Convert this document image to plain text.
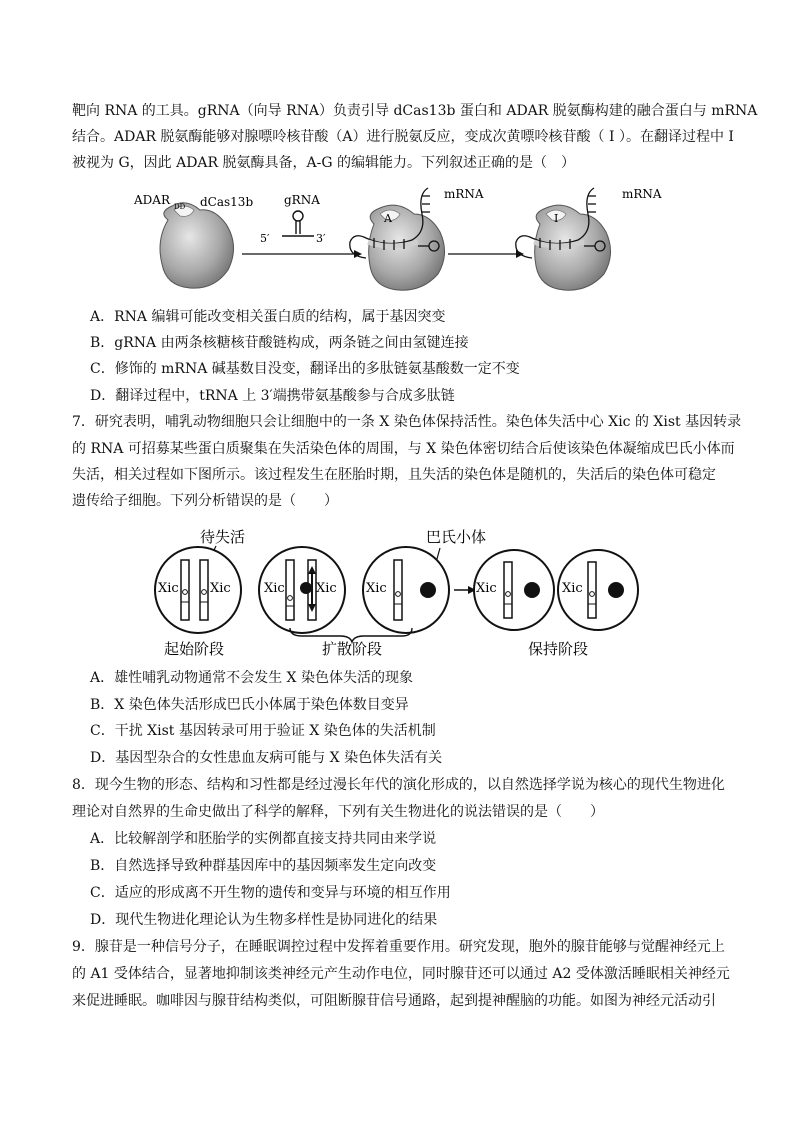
靶向 RNA 的工具。gRNA（向导 RNA）负责引导 dCas13b 蛋白和 ADAR 脱氨酶构建的融合蛋白与 mRNA
结合。ADAR 脱氨酶能够对腺嘌呤核苷酸（A）进行脱氨反应，变成次黄嘌呤核苷酸（ I ）。在翻译过程中 I
被视为 G，因此 ADAR 脱氨酶具备，A-G 的编辑能力。下列叙述正确的是（　）
ADAR DD dCas13b	gRNA
5′	3′
A
mRNA
I
mRNA
A．RNA 编辑可能改变相关蛋白质的结构，属于基因突变
B．gRNA 由两条核糖核苷酸链构成，两条链之间由氢键连接
C．修饰的 mRNA 碱基数目没变，翻译出的多肽链氨基酸数一定不变
D．翻译过程中，tRNA 上 3′端携带氨基酸参与合成多肽链
7．研究表明，哺乳动物细胞只会让细胞中的一条 X 染色体保持活性。染色体失活中心 Xic 的 Xist 基因转录
的 RNA 可招募某些蛋白质聚集在失活染色体的周围，与 X 染色体密切结合后使该染色体凝缩成巴氏小体而
失活，相关过程如下图所示。该过程发生在胚胎时期，且失活的染色体是随机的，失活后的染色体可稳定
遗传给子细胞。下列分析错误的是（　　）
待失活	巴氏小体
Xic Xic	Xic Xic Xic	Xic	Xic
起始阶段	扩散阶段	保持阶段
A．雄性哺乳动物通常不会发生 X 染色体失活的现象
B．X 染色体失活形成巴氏小体属于染色体数目变异
C．干扰 Xist 基因转录可用于验证 X 染色体的失活机制
D．基因型杂合的女性患血友病可能与 X 染色体失活有关
8．现今生物的形态、结构和习性都是经过漫长年代的演化形成的，以自然选择学说为核心的现代生物进化
理论对自然界的生命史做出了科学的解释，下列有关生物进化的说法错误的是（　　）
A．比较解剖学和胚胎学的实例都直接支持共同由来学说
B．自然选择导致种群基因库中的基因频率发生定向改变
C．适应的形成离不开生物的遗传和变异与环境的相互作用
D．现代生物进化理论认为生物多样性是协同进化的结果
9．腺苷是一种信号分子，在睡眠调控过程中发挥着重要作用。研究发现，胞外的腺苷能够与觉醒神经元上
的 A1 受体结合，显著地抑制该类神经元产生动作电位，同时腺苷还可以通过 A2 受体激活睡眠相关神经元
来促进睡眠。咖啡因与腺苷结构类似，可阻断腺苷信号通路，起到提神醒脑的功能。如图为神经元活动引
